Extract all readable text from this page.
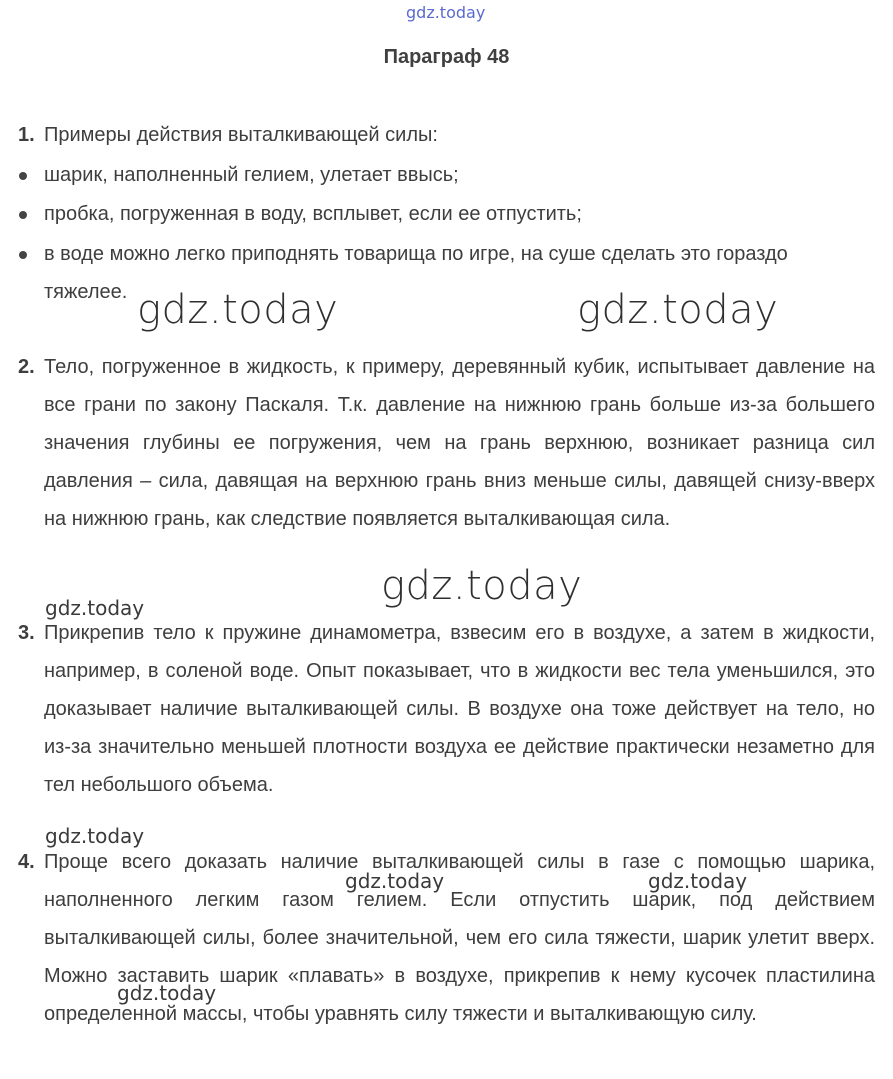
gdz.today
Параграф 48
1. Примеры действия выталкивающей силы:
шарик, наполненный гелием, улетает ввысь;
пробка, погруженная в воду, всплывет, если ее отпустить;
в воде можно легко приподнять товарища по игре, на суше сделать это гораздо тяжелее.
2. Тело, погруженное в жидкость, к примеру, деревянный кубик, испытывает давление на все грани по закону Паскаля. Т.к. давление на нижнюю грань больше из-за большего значения глубины ее погружения, чем на грань верхнюю, возникает разница сил давления – сила, давящая на верхнюю грань вниз меньше силы, давящей снизу-вверх на нижнюю грань, как следствие появляется выталкивающая сила.
3. Прикрепив тело к пружине динамометра, взвесим его в воздухе, а затем в жидкости, например, в соленой воде. Опыт показывает, что в жидкости вес тела уменьшился, это доказывает наличие выталкивающей силы. В воздухе она тоже действует на тело, но из-за значительно меньшей плотности воздуха ее действие практически незаметно для тел небольшого объема.
4. Проще всего доказать наличие выталкивающей силы в газе с помощью шарика, наполненного легким газом гелием. Если отпустить шарик, под действием выталкивающей силы, более значительной, чем его сила тяжести, шарик улетит вверх. Можно заставить шарик «плавать» в воздухе, прикрепив к нему кусочек пластилина определенной массы, чтобы уравнять силу тяжести и выталкивающую силу.
gdz.today	gdz.today
gdz.today
gdz.today
gdz.today
gdz.today	gdz.today
gdz.today
